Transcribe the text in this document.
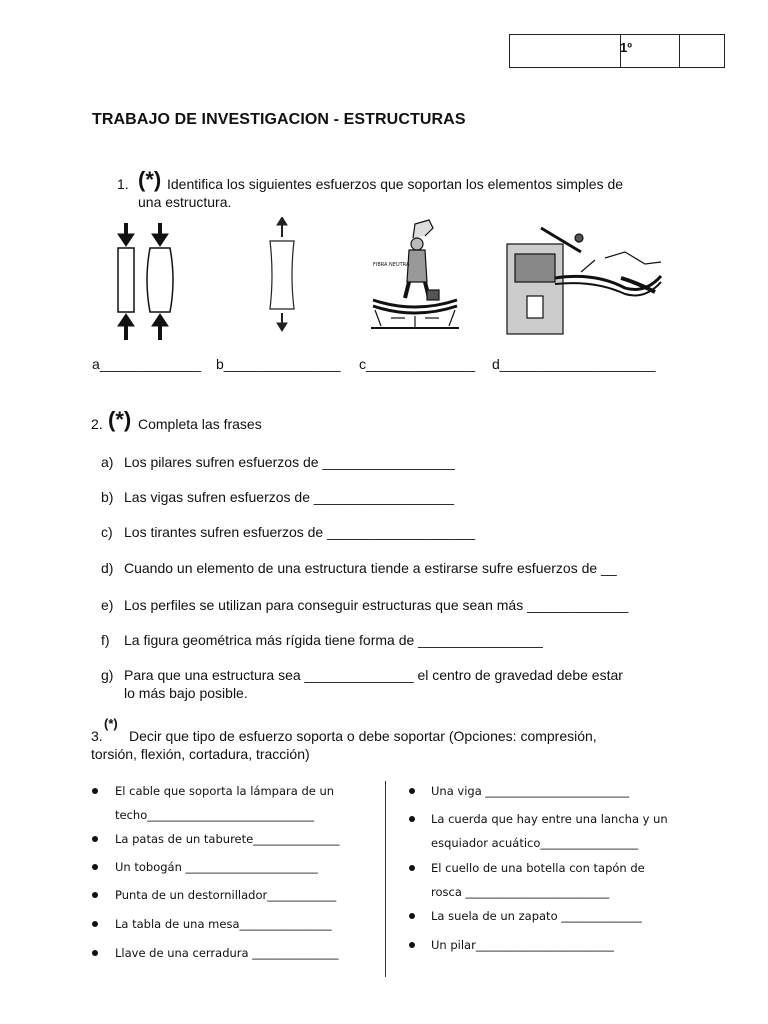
1º
TRABAJO DE INVESTIGACION - ESTRUCTURAS
1. (*) Identifica los siguientes esfuerzos que soportan los elementos simples de
una estructura.
FIBRA NEUTRA
a_____________ b_______________ c______________ d____________________
2. (*) Completa las frases
a) Los pilares sufren esfuerzos de _________________
b) Las vigas sufren esfuerzos de __________________
c) Los tirantes sufren esfuerzos de ___________________
d) Cuando un elemento de una estructura tiende a estirarse sufre esfuerzos de __
e) Los perfiles se utilizan para conseguir estructuras que sean más _____________
f) La figura geométrica más rígida tiene forma de ________________
g) Para que una estructura sea ______________ el centro de gravedad debe estar
lo más bajo posible.
3.
(*)
Decir que tipo de esfuerzo soporta o debe soportar (Opciones: compresión,
torsión, flexión, cortadura, tracción)
El cable que soporta la lámpara de un
techo_____________________________
La patas de un taburete_______________
Un tobogán _______________________
Punta de un destornillador____________
La tabla de una mesa________________
Llave de una cerradura _______________
Una viga _________________________
La cuerda que hay entre una lancha y un
esquiador acuático_________________
El cuello de una botella con tapón de
rosca _________________________
La suela de un zapato ______________
Un pilar________________________
